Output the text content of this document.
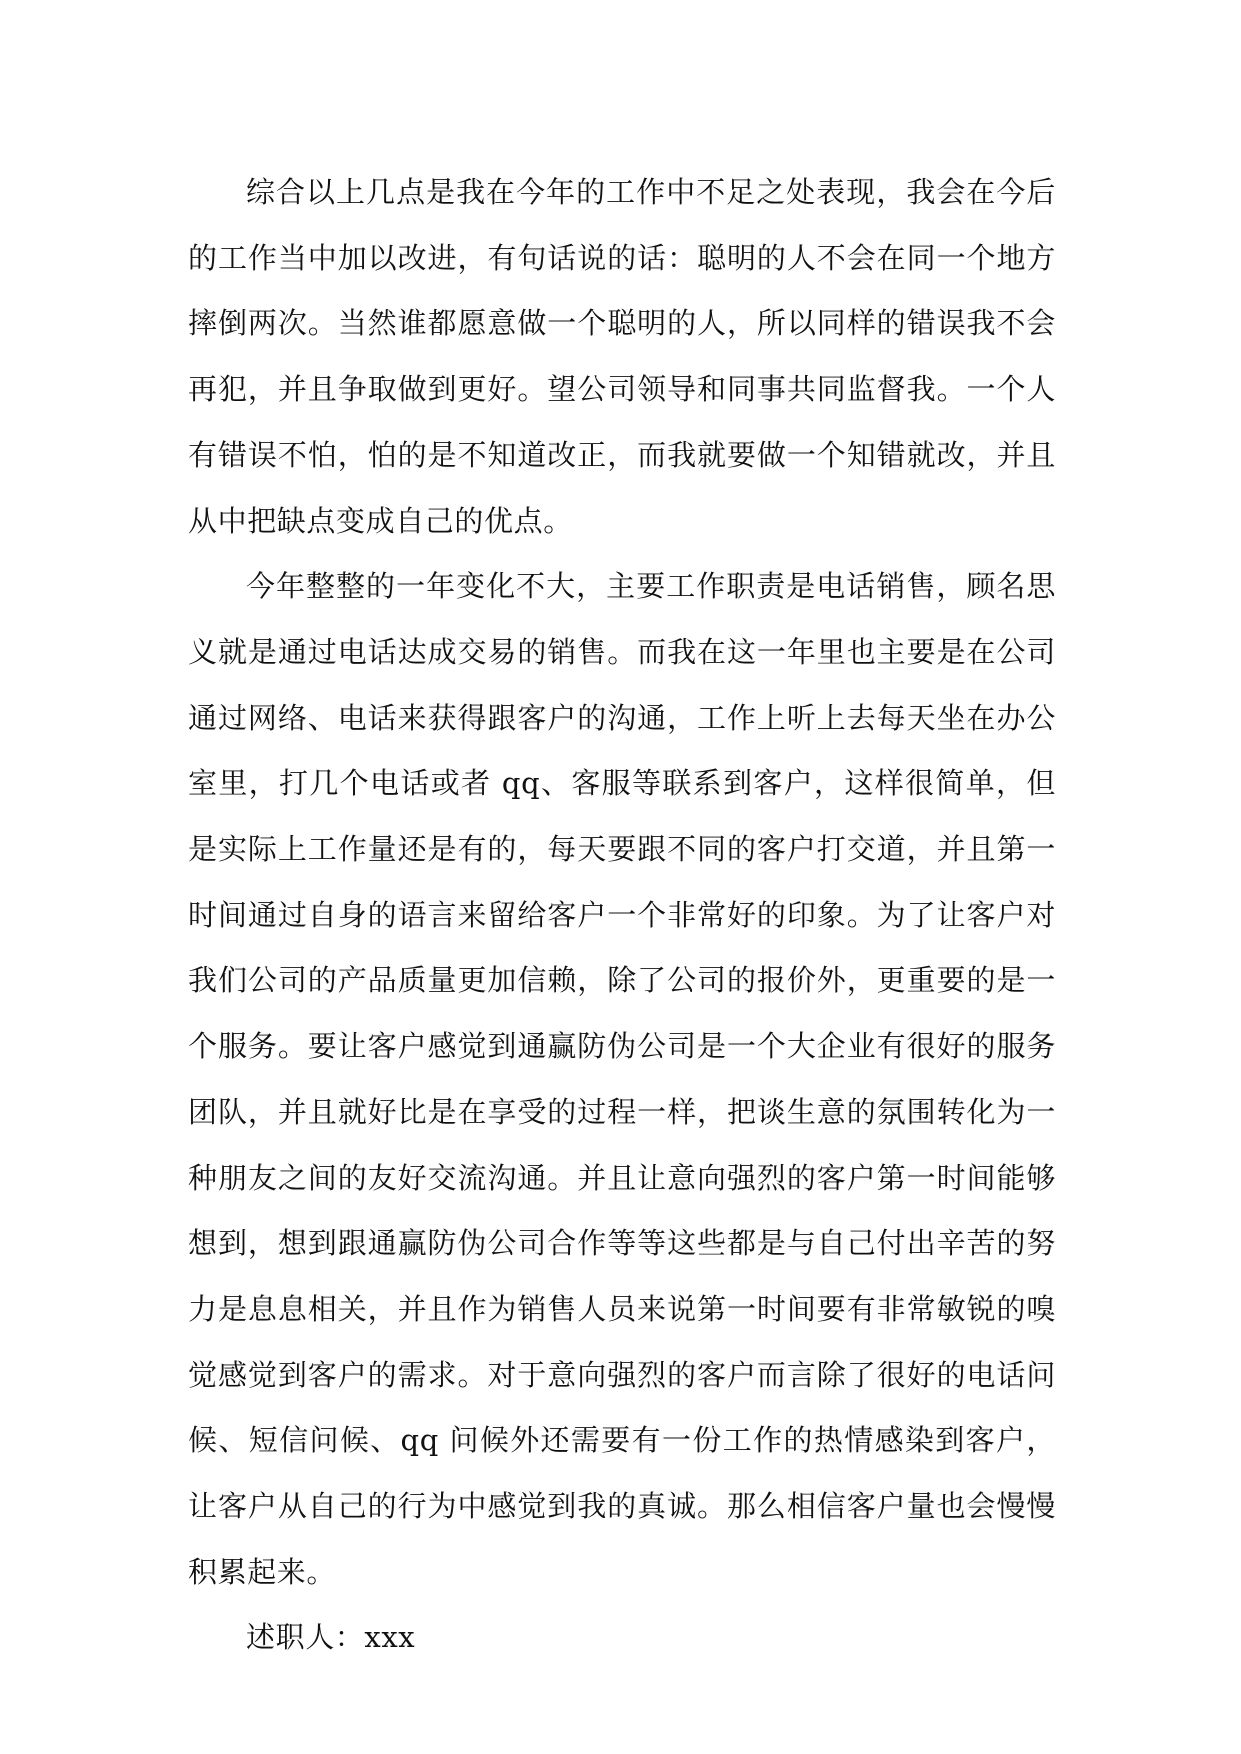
综合以上几点是我在今年的工作中不足之处表现，我会在今后的工作当中加以改进，有句话说的话：聪明的人不会在同一个地方摔倒两次。当然谁都愿意做一个聪明的人，所以同样的错误我不会再犯，并且争取做到更好。望公司领导和同事共同监督我。一个人有错误不怕，怕的是不知道改正，而我就要做一个知错就改，并且从中把缺点变成自己的优点。

今年整整的一年变化不大，主要工作职责是电话销售，顾名思义就是通过电话达成交易的销售。而我在这一年里也主要是在公司通过网络、电话来获得跟客户的沟通，工作上听上去每天坐在办公室里，打几个电话或者 qq、客服等联系到客户，这样很简单，但是实际上工作量还是有的，每天要跟不同的客户打交道，并且第一时间通过自身的语言来留给客户一个非常好的印象。为了让客户对我们公司的产品质量更加信赖，除了公司的报价外，更重要的是一个服务。要让客户感觉到通赢防伪公司是一个大企业有很好的服务团队，并且就好比是在享受的过程一样，把谈生意的氛围转化为一种朋友之间的友好交流沟通。并且让意向强烈的客户第一时间能够想到，想到跟通赢防伪公司合作等等这些都是与自己付出辛苦的努力是息息相关，并且作为销售人员来说第一时间要有非常敏锐的嗅觉感觉到客户的需求。对于意向强烈的客户而言除了很好的电话问候、短信问候、qq 问候外还需要有一份工作的热情感染到客户，让客户从自己的行为中感觉到我的真诚。那么相信客户量也会慢慢积累起来。

述职人：xxx
